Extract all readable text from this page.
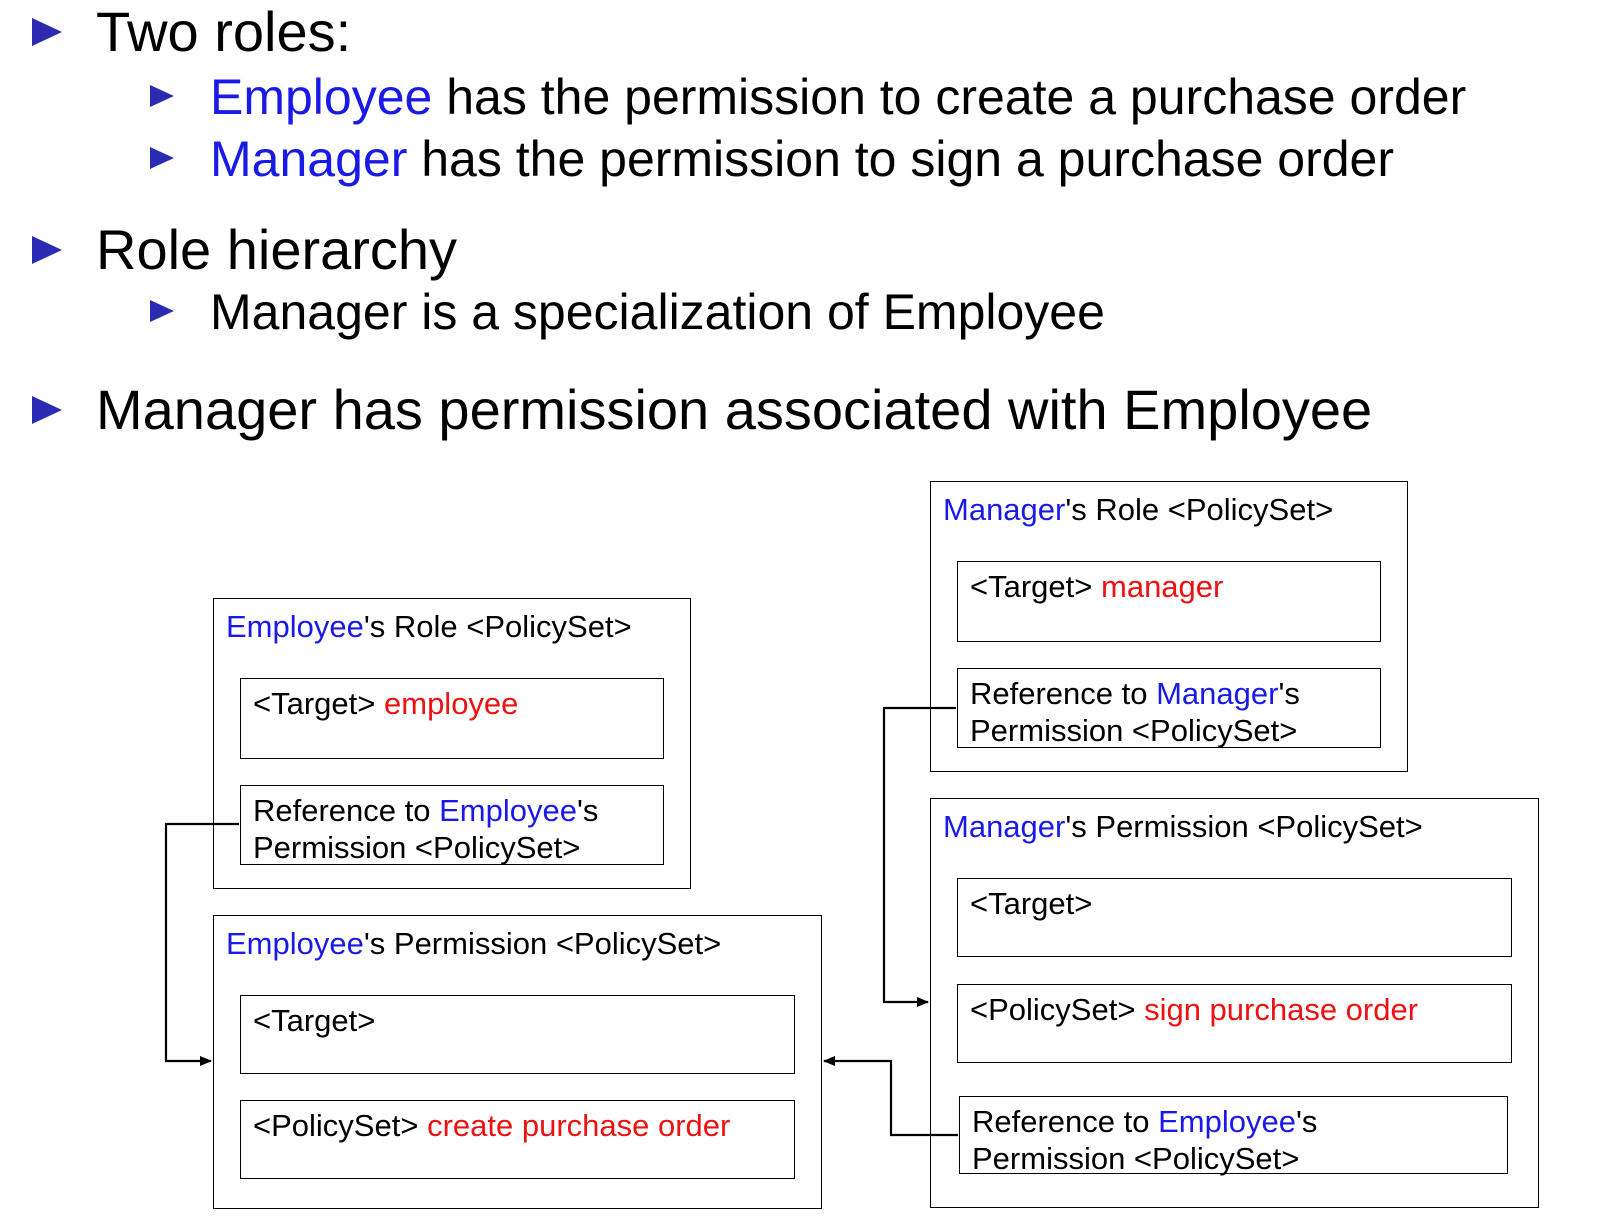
Two roles:
Employee has the permission to create a purchase order
Manager has the permission to sign a purchase order
Role hierarchy
Manager is a specialization of Employee
Manager has permission associated with Employee
Employee's Role <PolicySet>
<Target> employee
Reference to Employee's
Permission <PolicySet>
Employee's Permission <PolicySet>
<Target>
<PolicySet> create purchase order
Manager's Role <PolicySet>
<Target> manager
Reference to Manager's
Permission <PolicySet>
Manager's Permission <PolicySet>
<Target>
<PolicySet> sign purchase order
Reference to Employee's
Permission <PolicySet>
